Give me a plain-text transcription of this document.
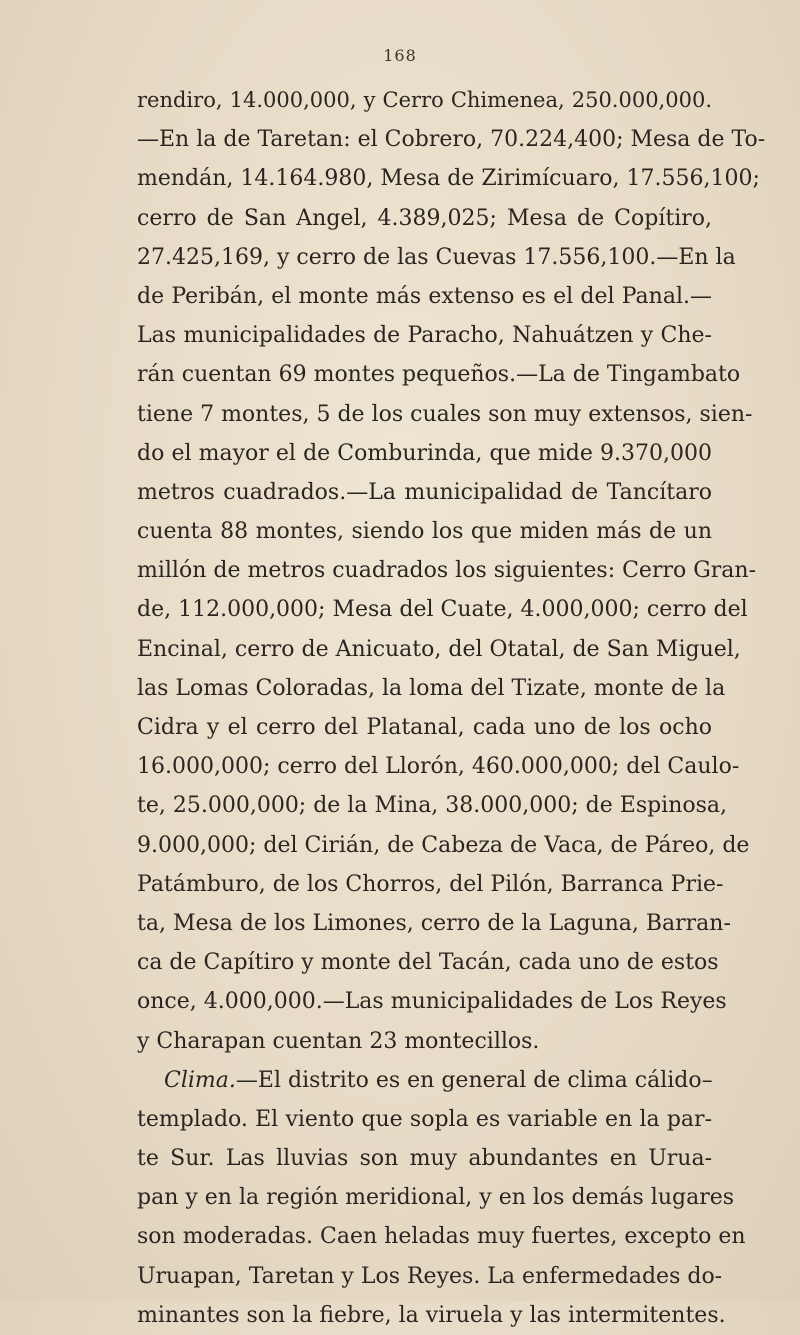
168
rendiro, 14.000,000, y Cerro Chimenea, 250.000,000.
—En la de Taretan: el Cobrero, 70.224,400; Mesa de To-
mendán, 14.164.980, Mesa de Zirimícuaro, 17.556,100;
cerro de San Angel, 4.389,025; Mesa de Copítiro,
27.425,169, y cerro de las Cuevas 17.556,100.—En la
de Peribán, el monte más extenso es el del Panal.—
Las municipalidades de Paracho, Nahuátzen y Che-
rán cuentan 69 montes pequeños.—La de Tingambato
tiene 7 montes, 5 de los cuales son muy extensos, sien-
do el mayor el de Comburinda, que mide 9.370,000
metros cuadrados.—La municipalidad de Tancítaro
cuenta 88 montes, siendo los que miden más de un
millón de metros cuadrados los siguientes: Cerro Gran-
de, 112.000,000; Mesa del Cuate, 4.000,000; cerro del
Encinal, cerro de Anicuato, del Otatal, de San Miguel,
las Lomas Coloradas, la loma del Tizate, monte de la
Cidra y el cerro del Platanal, cada uno de los ocho
16.000,000; cerro del Llorón, 460.000,000; del Caulo-
te, 25.000,000; de la Mina, 38.000,000; de Espinosa,
9.000,000; del Cirián, de Cabeza de Vaca, de Páreo, de
Patámburo, de los Chorros, del Pilón, Barranca Prie-
ta, Mesa de los Limones, cerro de la Laguna, Barran-
ca de Capítiro y monte del Tacán, cada uno de estos
once, 4.000,000.—Las municipalidades de Los Reyes
y Charapan cuentan 23 montecillos.
Clima.—El distrito es en general de clima cálido–
templado. El viento que sopla es variable en la par-
te Sur. Las lluvias son muy abundantes en Urua-
pan y en la región meridional, y en los demás lugares
son moderadas. Caen heladas muy fuertes, excepto en
Uruapan, Taretan y Los Reyes. La enfermedades do-
minantes son la fiebre, la viruela y las intermitentes.
